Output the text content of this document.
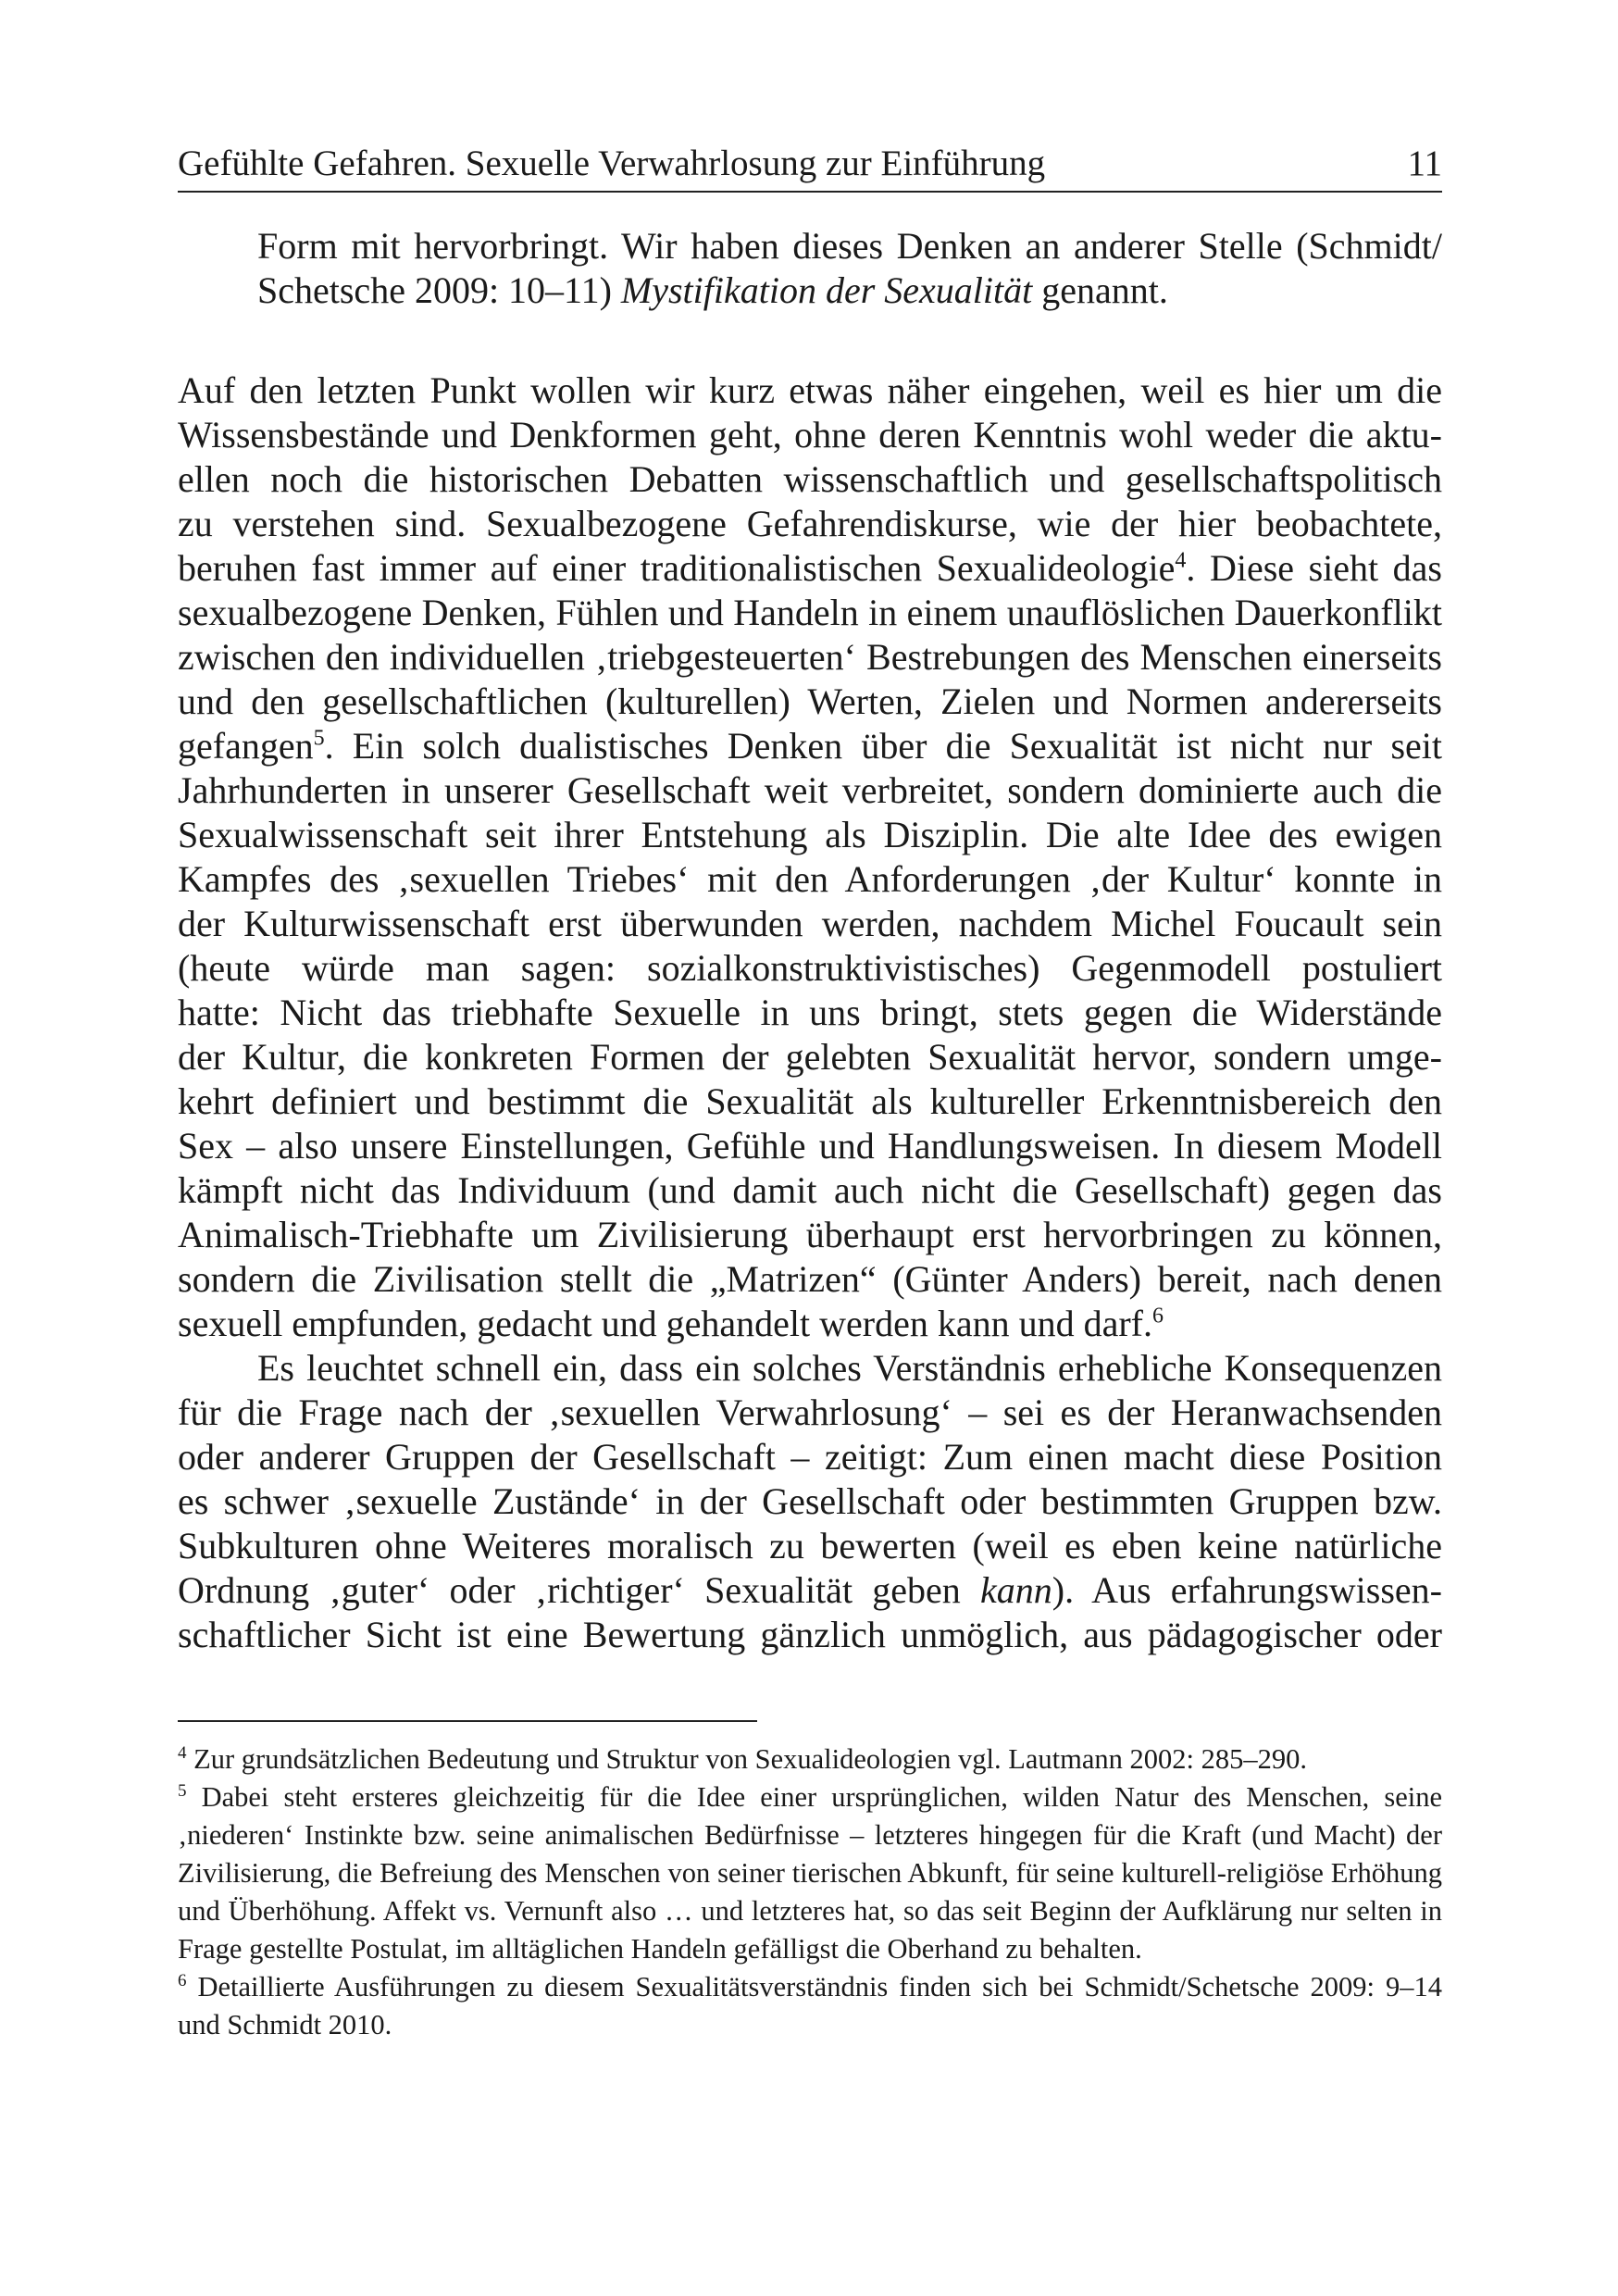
Gefühlte Gefahren. Sexuelle Verwahrlosung zur Einführung	11
Form mit hervorbringt. Wir haben dieses Denken an anderer Stelle (Schmidt/
Schetsche 2009: 10–11) Mystifikation der Sexualität genannt.
Auf den letzten Punkt wollen wir kurz etwas näher eingehen, weil es hier um die
Wissensbestände und Denkformen geht, ohne deren Kenntnis wohl weder die aktu-
ellen noch die historischen Debatten wissenschaftlich und gesellschaftspolitisch
zu verstehen sind. Sexualbezogene Gefahrendiskurse, wie der hier beobachtete,
beruhen fast immer auf einer traditionalistischen Sexualideologie$^4$. Diese sieht das
sexualbezogene Denken, Fühlen und Handeln in einem unauflöslichen Dauerkonflikt
zwischen den individuellen ‚triebgesteuerten‘ Bestrebungen des Menschen einerseits
und den gesellschaftlichen (kulturellen) Werten, Zielen und Normen andererseits
gefangen$^5$. Ein solch dualistisches Denken über die Sexualität ist nicht nur seit
Jahrhunderten in unserer Gesellschaft weit verbreitet, sondern dominierte auch die
Sexualwissenschaft seit ihrer Entstehung als Disziplin. Die alte Idee des ewigen
Kampfes des ‚sexuellen Triebes‘ mit den Anforderungen ‚der Kultur‘ konnte in
der Kulturwissenschaft erst überwunden werden, nachdem Michel Foucault sein
(heute würde man sagen: sozialkonstruktivistisches) Gegenmodell postuliert
hatte: Nicht das triebhafte Sexuelle in uns bringt, stets gegen die Widerstände
der Kultur, die konkreten Formen der gelebten Sexualität hervor, sondern umge-
kehrt definiert und bestimmt die Sexualität als kultureller Erkenntnisbereich den
Sex – also unsere Einstellungen, Gefühle und Handlungsweisen. In diesem Modell
kämpft nicht das Individuum (und damit auch nicht die Gesellschaft) gegen das
Animalisch-Triebhafte um Zivilisierung überhaupt erst hervorbringen zu können,
sondern die Zivilisation stellt die „Matrizen“ (Günter Anders) bereit, nach denen
sexuell empfunden, gedacht und gehandelt werden kann und darf.$^6$
Es leuchtet schnell ein, dass ein solches Verständnis erhebliche Konsequenzen
für die Frage nach der ‚sexuellen Verwahrlosung‘ – sei es der Heranwachsenden
oder anderer Gruppen der Gesellschaft – zeitigt: Zum einen macht diese Position
es schwer ‚sexuelle Zustände‘ in der Gesellschaft oder bestimmten Gruppen bzw.
Subkulturen ohne Weiteres moralisch zu bewerten (weil es eben keine natürliche
Ordnung ‚guter‘ oder ‚richtiger‘ Sexualität geben kann). Aus erfahrungswissen-
schaftlicher Sicht ist eine Bewertung gänzlich unmöglich, aus pädagogischer oder

$^4$ Zur grundsätzlichen Bedeutung und Struktur von Sexualideologien vgl. Lautmann 2002: 285–290.

$^5$ Dabei steht ersteres gleichzeitig für die Idee einer ursprünglichen, wilden Natur des Menschen, seine ‚niederen‘ Instinkte bzw. seine animalischen Bedürfnisse – letzteres hingegen für die Kraft (und Macht) der Zivilisierung, die Befreiung des Menschen von seiner tierischen Abkunft, für seine kulturell-religiöse Erhöhung und Überhöhung. Affekt vs. Vernunft also … und letzteres hat, so das seit Beginn der Aufklärung nur selten in Frage gestellte Postulat, im alltäglichen Handeln gefälligst die Oberhand zu behalten.

$^6$ Detaillierte Ausführungen zu diesem Sexualitätsverständnis finden sich bei Schmidt/Schetsche 2009: 9–14 und Schmidt 2010.
